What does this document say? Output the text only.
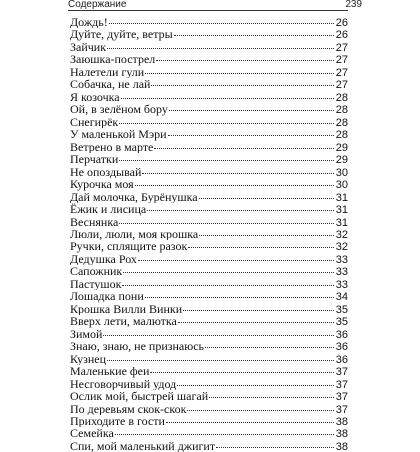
Содержание	239
Дождь!	26
Дуйте, дуйте, ветры	26
Зайчик	27
Заюшка-пострел	27
Налетели гули	27
Собачка, не лай	27
Я козочка	28
Ой, в зелёном бору	28
Снегирёк	28
У маленькой Мэри	28
Ветрено в марте	29
Перчатки	29
Не опоздывай	30
Курочка моя	30
Дай молочка, Бурёнушка	31
Ёжик и лисица	31
Веснянка	31
Люли, люли, моя крошка	32
Ручки, сплящите разок	32
Дедушка Рох	33
Сапожник	33
Пастушок	33
Лошадка пони	34
Крошка Вилли Винки	35
Вверх лети, малютка	35
Зимой	36
Знаю, знаю, не признаюсь	36
Кузнец	36
Маленькие феи	37
Несговорчивый удод	37
Ослик мой, быстрей шагай	37
По деревьям скок-скок	37
Приходите в гости	38
Семейка	38
Спи, мой маленький джигит	38
